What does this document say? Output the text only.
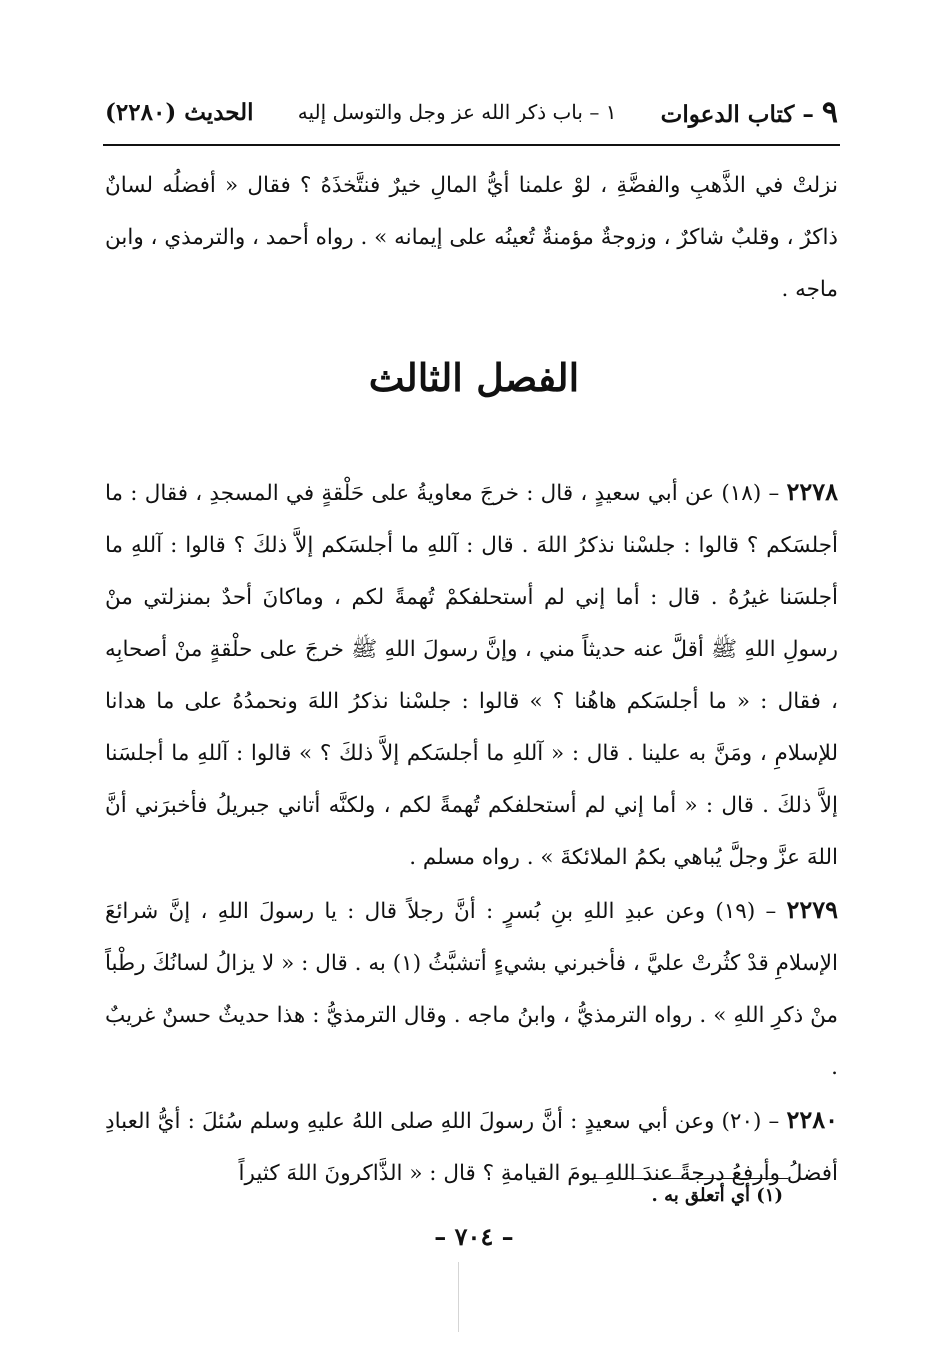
٩ – كتاب الدعوات
١ – باب ذكر الله عز وجل والتوسل إليه
الحديث (٢٢٨٠)
نزلتْ في الذَّهبِ والفضَّةِ ، لوْ علمنا أيُّ المالِ خيرٌ فنتَّخذَهُ ؟ فقال « أفضلُه لسانٌ ذاكرٌ ، وقلبٌ شاكرٌ ، وزوجةٌ مؤمنةٌ تُعينُه على إيمانه » . رواه أحمد ، والترمذي ، وابن ماجه .
الفصل الثالث

٢٢٧٨ – (١٨) عن أبي سعيدٍ ، قال : خرجَ معاويةُ على حَلْقةٍ في المسجدِ ، فقال : ما أجلسَكم ؟ قالوا : جلسْنا نذكرُ اللهَ . قال : آللهِ ما أجلسَكم إلاَّ ذلكَ ؟ قالوا : آللهِ ما أجلسَنا غيرُهُ . قال : أما إني لم أستحلفكمْ تُهمةً لكم ، وماكانَ أحدٌ بمنزلتي منْ رسولِ اللهِ ﷺ أقلَّ عنه حديثاً مني ، وإنَّ رسولَ اللهِ ﷺ خرجَ على حلْقةٍ منْ أصحابِه ، فقال : « ما أجلسَكم هاهُنا ؟ » قالوا : جلسْنا نذكرُ اللهَ ونحمدُهُ على ما هدانا للإسلامِ ، ومَنَّ به علينا . قال : « آللهِ ما أجلسَكم إلاَّ ذلكَ ؟ » قالوا : آللهِ ما أجلسَنا إلاَّ ذلكَ . قال : « أما إني لم أستحلفكم تُهمةً لكم ، ولكنَّه أتاني جبريلُ فأخبرَني أنَّ اللهَ عزَّ وجلَّ يُباهي بكمُ الملائكةَ » . رواه مسلم .

٢٢٧٩ – (١٩) وعن عبدِ اللهِ بنِ بُسرٍ : أنَّ رجلاً قال : يا رسولَ اللهِ ، إنَّ شرائعَ الإسلامِ قدْ كثُرتْ عليَّ ، فأخبرني بشيءٍ أتشبَّثُ (١) به . قال : « لا يزالُ لسانُكَ رطْباً منْ ذكرِ اللهِ » . رواه الترمذيُّ ، وابنُ ماجه . وقال الترمذيُّ : هذا حديثٌ حسنٌ غريبٌ .

٢٢٨٠ – (٢٠) وعن أبي سعيدٍ : أنَّ رسولَ اللهِ صلى اللهُ عليهِ وسلم سُئلَ : أيُّ العبادِ أفضلُ وأرفعُ درجةً عندَ اللهِ يومَ القيامةِ ؟ قال : « الذَّاكرونَ اللهَ كثيراً

(١) أي أتعلق به .
– ٧٠٤ –
